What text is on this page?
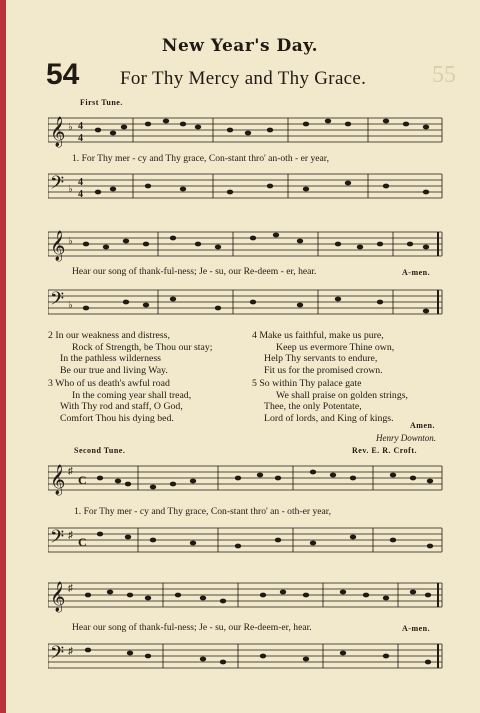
New Year's Day.
54 For Thy Mercy and Thy Grace.	55
First Tune.
𝄞 ♭ 4
4
1. For Thy mer - cy and Thy grace, Con-stant thro' an-oth - er year,
𝄢 ♭
4
4
𝄞 ♭
Hear our song of thank-ful-ness; Je - su, our Re-deem - er, hear.	A-men.
𝄢 ♭
2 In our weakness and distress,
Rock of Strength, be Thou our stay;
In the pathless wilderness
Be our true and living Way.
3 Who of us death's awful road
In the coming year shall tread,
With Thy rod and staff, O God,
Comfort Thou his dying bed.
4 Make us faithful, make us pure,
Keep us evermore Thine own,
Help Thy servants to endure,
Fit us for the promised crown.
5 So within Thy palace gate
We shall praise on golden strings,
Thee, the only Potentate,
Lord of lords, and King of kings.
Amen.
Henry Downton.
Second Tune.	Rev. E. R. Croft.
𝄞 ♯
C
1. For Thy mer - cy and Thy grace, Con-stant thro' an - oth-er year,
𝄢 ♯ C
𝄞 ♯
Hear our song of thank-ful-ness; Je - su, our Re-deem-er, hear.	A-men.
𝄢 ♯
